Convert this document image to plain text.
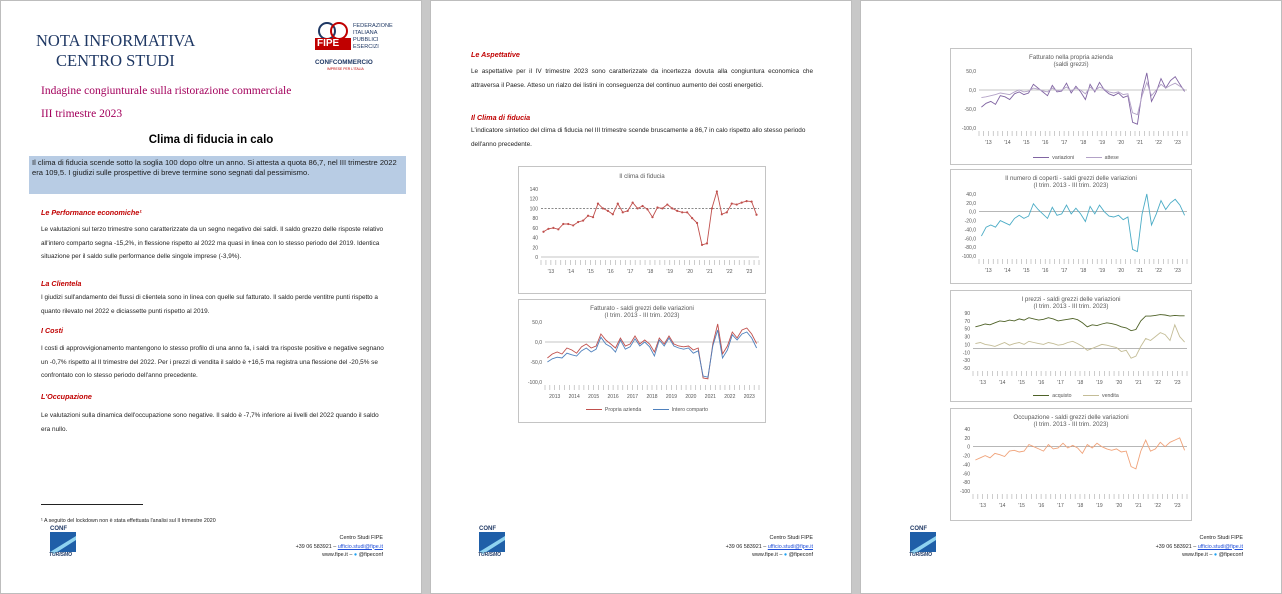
NOTA INFORMATIVA
CENTRO STUDI
FIPE
FEDERAZIONE
ITALIANA
PUBBLICI
ESERCIZI
CONFCOMMERCIO
IMPRESE PER L'ITALIA
Indagine congiunturale sulla ristorazione commerciale
III trimestre 2023
Clima di fiducia in calo
Il clima di fiducia scende sotto la soglia 100 dopo oltre un anno. Si attesta a quota 86,7, nel III trimestre 2022 era 109,5. I giudizi sulle prospettive di breve termine sono segnati dal pessimismo.
Le Performance economiche¹
Le valutazioni sul terzo trimestre sono caratterizzate da un segno negativo dei saldi. Il saldo grezzo delle risposte relativo all'intero comparto segna -15,2%, in flessione rispetto al 2022 ma quasi in linea con lo stesso periodo del 2019. Identica situazione per il saldo sulle performance delle singole imprese (-3,9%).
La Clientela
I giudizi sull'andamento dei flussi di clientela sono in linea con quelle sul fatturato. Il saldo perde ventitre punti rispetto a quanto rilevato nel 2022 e diciassette punti rispetto al 2019.
I Costi
I costi di approvvigionamento mantengono lo stesso profilo di una anno fa, i saldi tra risposte positive e negative segnano un -0,7% rispetto al II trimestre del 2022. Per i prezzi di vendita il saldo è +16,5 ma registra una flessione del -20,5% se confrontato con lo stesso periodo dell'anno precedente.
L'Occupazione
Le valutazioni sulla dinamica dell'occupazione sono negative. Il saldo è -7,7% inferiore ai livelli del 2022 quando il saldo era nullo.
¹ A seguito del lockdown non è stata effettuata l'analisi sul II trimestre 2020
CONF
TURISMO
Centro Studi FIPE
+39 06 583921 – ufficio.studi@fipe.it
www.fipe.it – ● @fipeconf
Le Aspettative
Le aspettative per il IV trimestre 2023 sono caratterizzate da incertezza dovuta alla congiuntura economica che attraversa il Paese. Atteso un rialzo dei listini in conseguenza del continuo aumento dei costi energetici.
Il Clima di fiducia
L'indicatore sintetico del clima di fiducia nel III trimestre scende bruscamente a 86,7 in calo rispetto allo stesso periodo dell'anno precedente.
Il clima di fiducia
140
120
100
80
60
40
20
0
'13	'14	'15	'16	'17	'18	'19	'20	'21	'22	'23
Fatturato - saldi grezzi delle variazioni
(I trim. 2013 - III trim. 2023)
50,0
0,0
-50,0
-100,0
2013 2014 2015 2016 2017 2018 2019 2020 2021 2022 2023
Propria azienda	Intero comparto
CONF
TURISMO
Centro Studi FIPE
+39 06 583921 – ufficio.studi@fipe.it
www.fipe.it – ● @fipeconf
Fatturato nella propria azienda
(saldi grezzi)
50,0
0,0
-50,0
-100,0
'13 '14 '15 '16 '17 '18 '19 '20 '21 '22 '23
variazioni	attese
Il numero di coperti - saldi grezzi delle variazioni
(I trim. 2013 - III trim. 2023)
40,0
20,0
0,0
-20,0
-40,0
-60,0
-80,0
-100,0
'13 '14 '15 '16 '17 '18 '19 '20 '21 '22 '23
I prezzi - saldi grezzi delle variazioni
(I trim. 2013 - III trim. 2023)
90
70
50
30
10
-10
-30
-50
'13	'14	'15	'16	'17	'18	'19	'20	'21	'22	'23
acquisto	vendita
Occupazione - saldi grezzi delle variazioni
(I trim. 2013 - III trim. 2023)
40
20
0
-20
-40
-60
-80
-100
'13	'14	'15	'16	'17	'18	'19	'20	'21	'22	'23
CONF
TURISMO
Centro Studi FIPE
+39 06 583921 – ufficio.studi@fipe.it
www.fipe.it – ● @fipeconf
